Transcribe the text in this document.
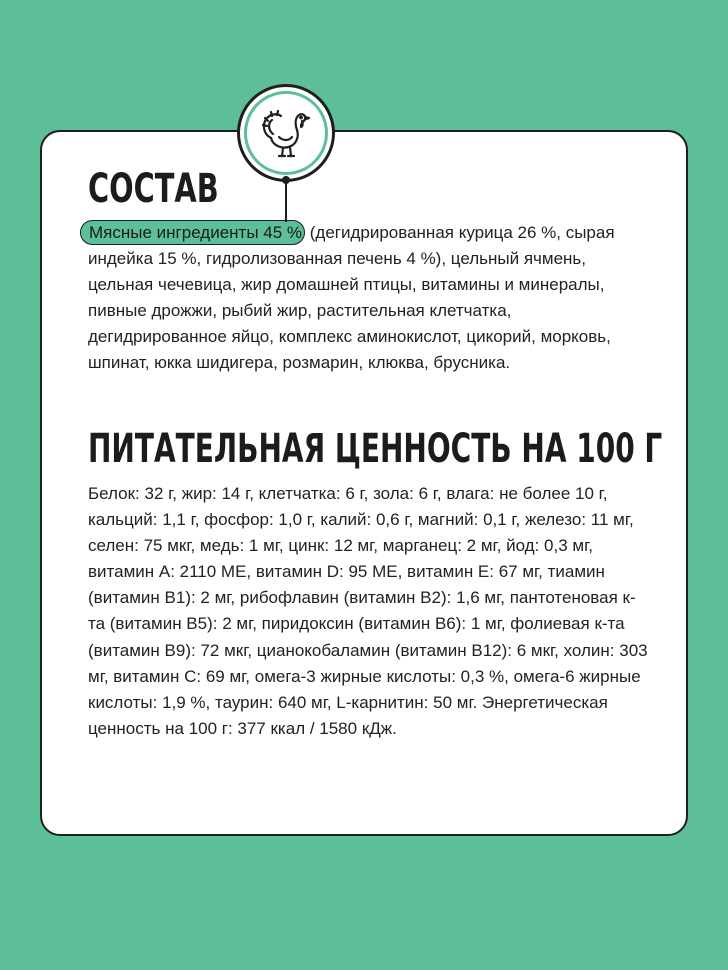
СОСТАВ

Мясные ингредиенты 45 % (дегидрированная курица 26 %, сырая индейка 15 %, гидролизованная печень 4 %), цельный ячмень, цельная чечевица, жир домашней птицы, витамины и минералы, пивные дрожжи, рыбий жир, растительная клетчатка, дегидрированное яйцо, комплекс аминокислот, цикорий, морковь, шпинат, юкка шидигера, розмарин, клюква, брусника.

ПИТАТЕЛЬНАЯ ЦЕННОСТЬ НА 100 Г

Белок: 32 г, жир: 14 г, клетчатка: 6 г, зола: 6 г, влага: не более 10 г, кальций: 1,1 г, фосфор: 1,0 г, калий: 0,6 г, магний: 0,1 г, железо: 11 мг, селен: 75 мкг, медь: 1 мг, цинк: 12 мг, марганец: 2 мг, йод: 0,3 мг, витамин А: 2110 МЕ, витамин D: 95 МЕ, витамин Е: 67 мг, тиамин (витамин В1): 2 мг, рибофлавин (витамин В2): 1,6 мг, пантотеновая к-та (витамин В5): 2 мг, пиридоксин (витамин В6): 1 мг, фолиевая к-та (витамин В9): 72 мкг, цианокобаламин (витамин В12): 6 мкг, холин: 303 мг, витамин С: 69 мг, омега-3 жирные кислоты: 0,3 %, омега-6 жирные кислоты: 1,9 %, таурин: 640 мг, L-карнитин: 50 мг. Энергетическая ценность на 100 г: 377 ккал / 1580 кДж.
